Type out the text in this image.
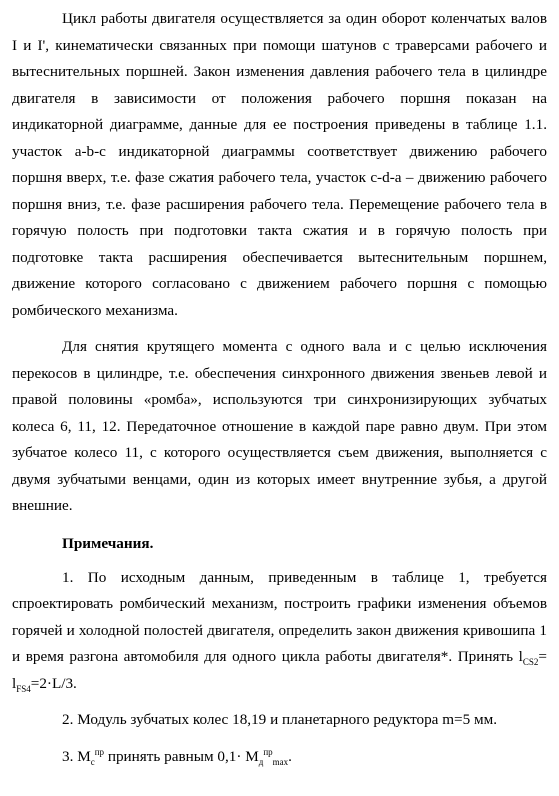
Цикл работы двигателя осуществляется за один оборот коленчатых валов I и I', кинематически связанных при помощи шатунов с траверсами рабочего и вытеснительных поршней. Закон изменения давления рабочего тела в цилиндре двигателя в зависимости от положения рабочего поршня показан на индикаторной диаграмме, данные для ее построения приведены в таблице 1.1. участок a-b-c индикаторной диаграммы соответствует движению рабочего поршня вверх, т.е. фазе сжатия рабочего тела, участок c-d-a – движению рабочего поршня вниз, т.е. фазе расширения рабочего тела. Перемещение рабочего тела в горячую полость при подготовки такта сжатия и в горячую полость при подготовке такта расширения обеспечивается вытеснительным поршнем, движение которого согласовано с движением рабочего поршня с помощью ромбического механизма.

Для снятия крутящего момента с одного вала и с целью исключения перекосов в цилиндре, т.е. обеспечения синхронного движения звеньев левой и правой половины «ромба», используются три синхронизирующих зубчатых колеса 6, 11, 12. Передаточное отношение в каждой паре равно двум. При этом зубчатое колесо 11, с которого осуществляется съем движения, выполняется с двумя зубчатыми венцами, один из которых имеет внутренние зубья, а другой внешние.

Примечания.

1. По исходным данным, приведенным в таблице 1, требуется спроектировать ромбический механизм, построить графики изменения объемов горячей и холодной полостей двигателя, определить закон движения кривошипа 1 и время разгона автомобиля для одного цикла работы двигателя*. Принять $l_{CS2}= l_{FS4}=2\cdot L/3$.

2. Модуль зубчатых колес 18,19 и планетарного редуктора m=5 мм.

3. $M_c^{пр}$ принять равным $0,1\cdot M_д^{пр}_{max}$.
